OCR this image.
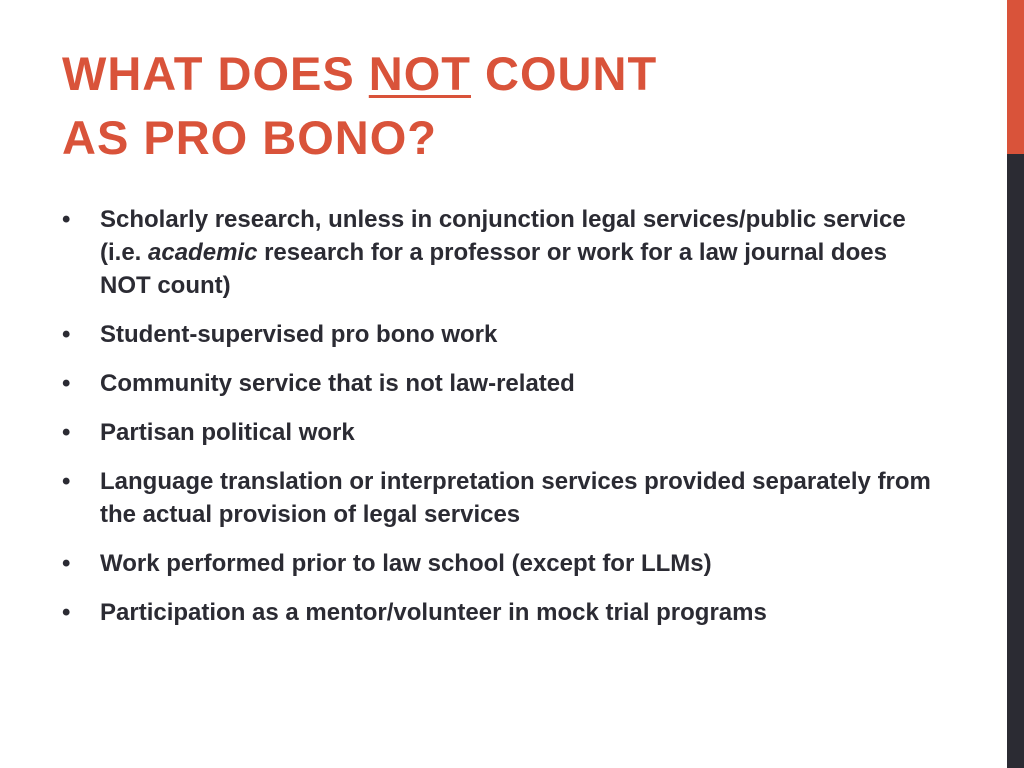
WHAT DOES NOT COUNT
AS PRO BONO?
• Scholarly research, unless in conjunction legal services/public service (i.e. academic research for a professor or work for a law journal does NOT count)
• Student-supervised pro bono work
• Community service that is not law-related
• Partisan political work
• Language translation or interpretation services provided separately from the actual provision of legal services
• Work performed prior to law school (except for LLMs)
• Participation as a mentor/volunteer in mock trial programs
